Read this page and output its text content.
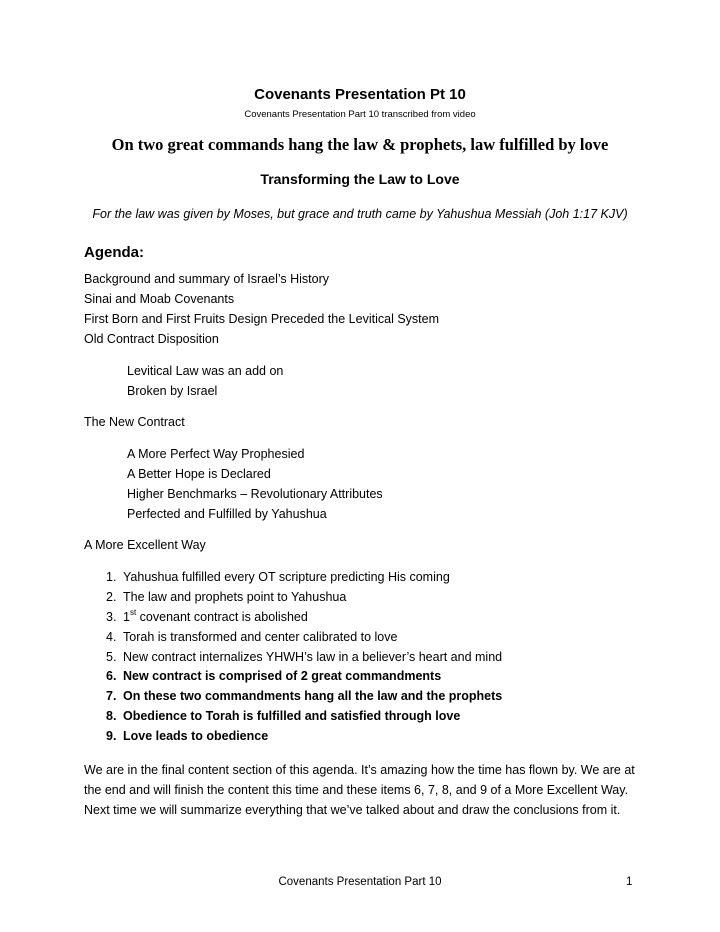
Covenants Presentation Pt 10

Covenants Presentation Part 10 transcribed from video

On two great commands hang the law & prophets, law fulfilled by love

Transforming the Law to Love

For the law was given by Moses, but grace and truth came by Yahushua Messiah (Joh 1:17 KJV)

Agenda:

Background and summary of Israel’s History

Sinai and Moab Covenants

First Born and First Fruits Design Preceded the Levitical System

Old Contract Disposition

Levitical Law was an add on

Broken by Israel

The New Contract

A More Perfect Way Prophesied

A Better Hope is Declared

Higher Benchmarks – Revolutionary Attributes

Perfected and Fulfilled by Yahushua

A More Excellent Way

1. Yahushua fulfilled every OT scripture predicting His coming

2. The law and prophets point to Yahushua

3. 1st covenant contract is abolished

4. Torah is transformed and center calibrated to love

5. New contract internalizes YHWH’s law in a believer’s heart and mind

6. New contract is comprised of 2 great commandments

7. On these two commandments hang all the law and the prophets

8. Obedience to Torah is fulfilled and satisfied through love

9. Love leads to obedience

We are in the final content section of this agenda. It’s amazing how the time has flown by. We are at the end and will finish the content this time and these items 6, 7, 8, and 9 of a More Excellent Way. Next time we will summarize everything that we’ve talked about and draw the conclusions from it.

Covenants Presentation Part 10	1
